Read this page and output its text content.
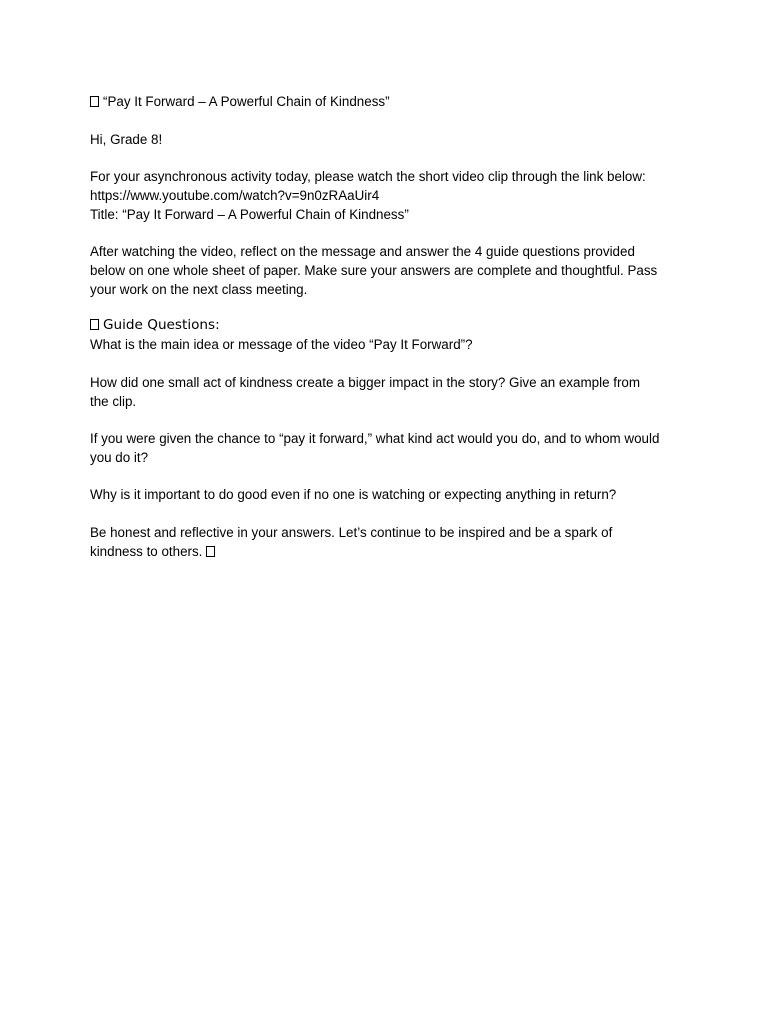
“Pay It Forward – A Powerful Chain of Kindness”

Hi, Grade 8!

For your asynchronous activity today, please watch the short video clip through the link below:
https://www.youtube.com/watch?v=9n0zRAaUir4
Title: “Pay It Forward – A Powerful Chain of Kindness”

After watching the video, reflect on the message and answer the 4 guide questions provided
below on one whole sheet of paper. Make sure your answers are complete and thoughtful. Pass
your work on the next class meeting.

Guide Questions:

What is the main idea or message of the video “Pay It Forward”?

How did one small act of kindness create a bigger impact in the story? Give an example from
the clip.

If you were given the chance to “pay it forward,” what kind act would you do, and to whom would
you do it?

Why is it important to do good even if no one is watching or expecting anything in return?

Be honest and reflective in your answers. Let’s continue to be inspired and be a spark of
kindness to others.
